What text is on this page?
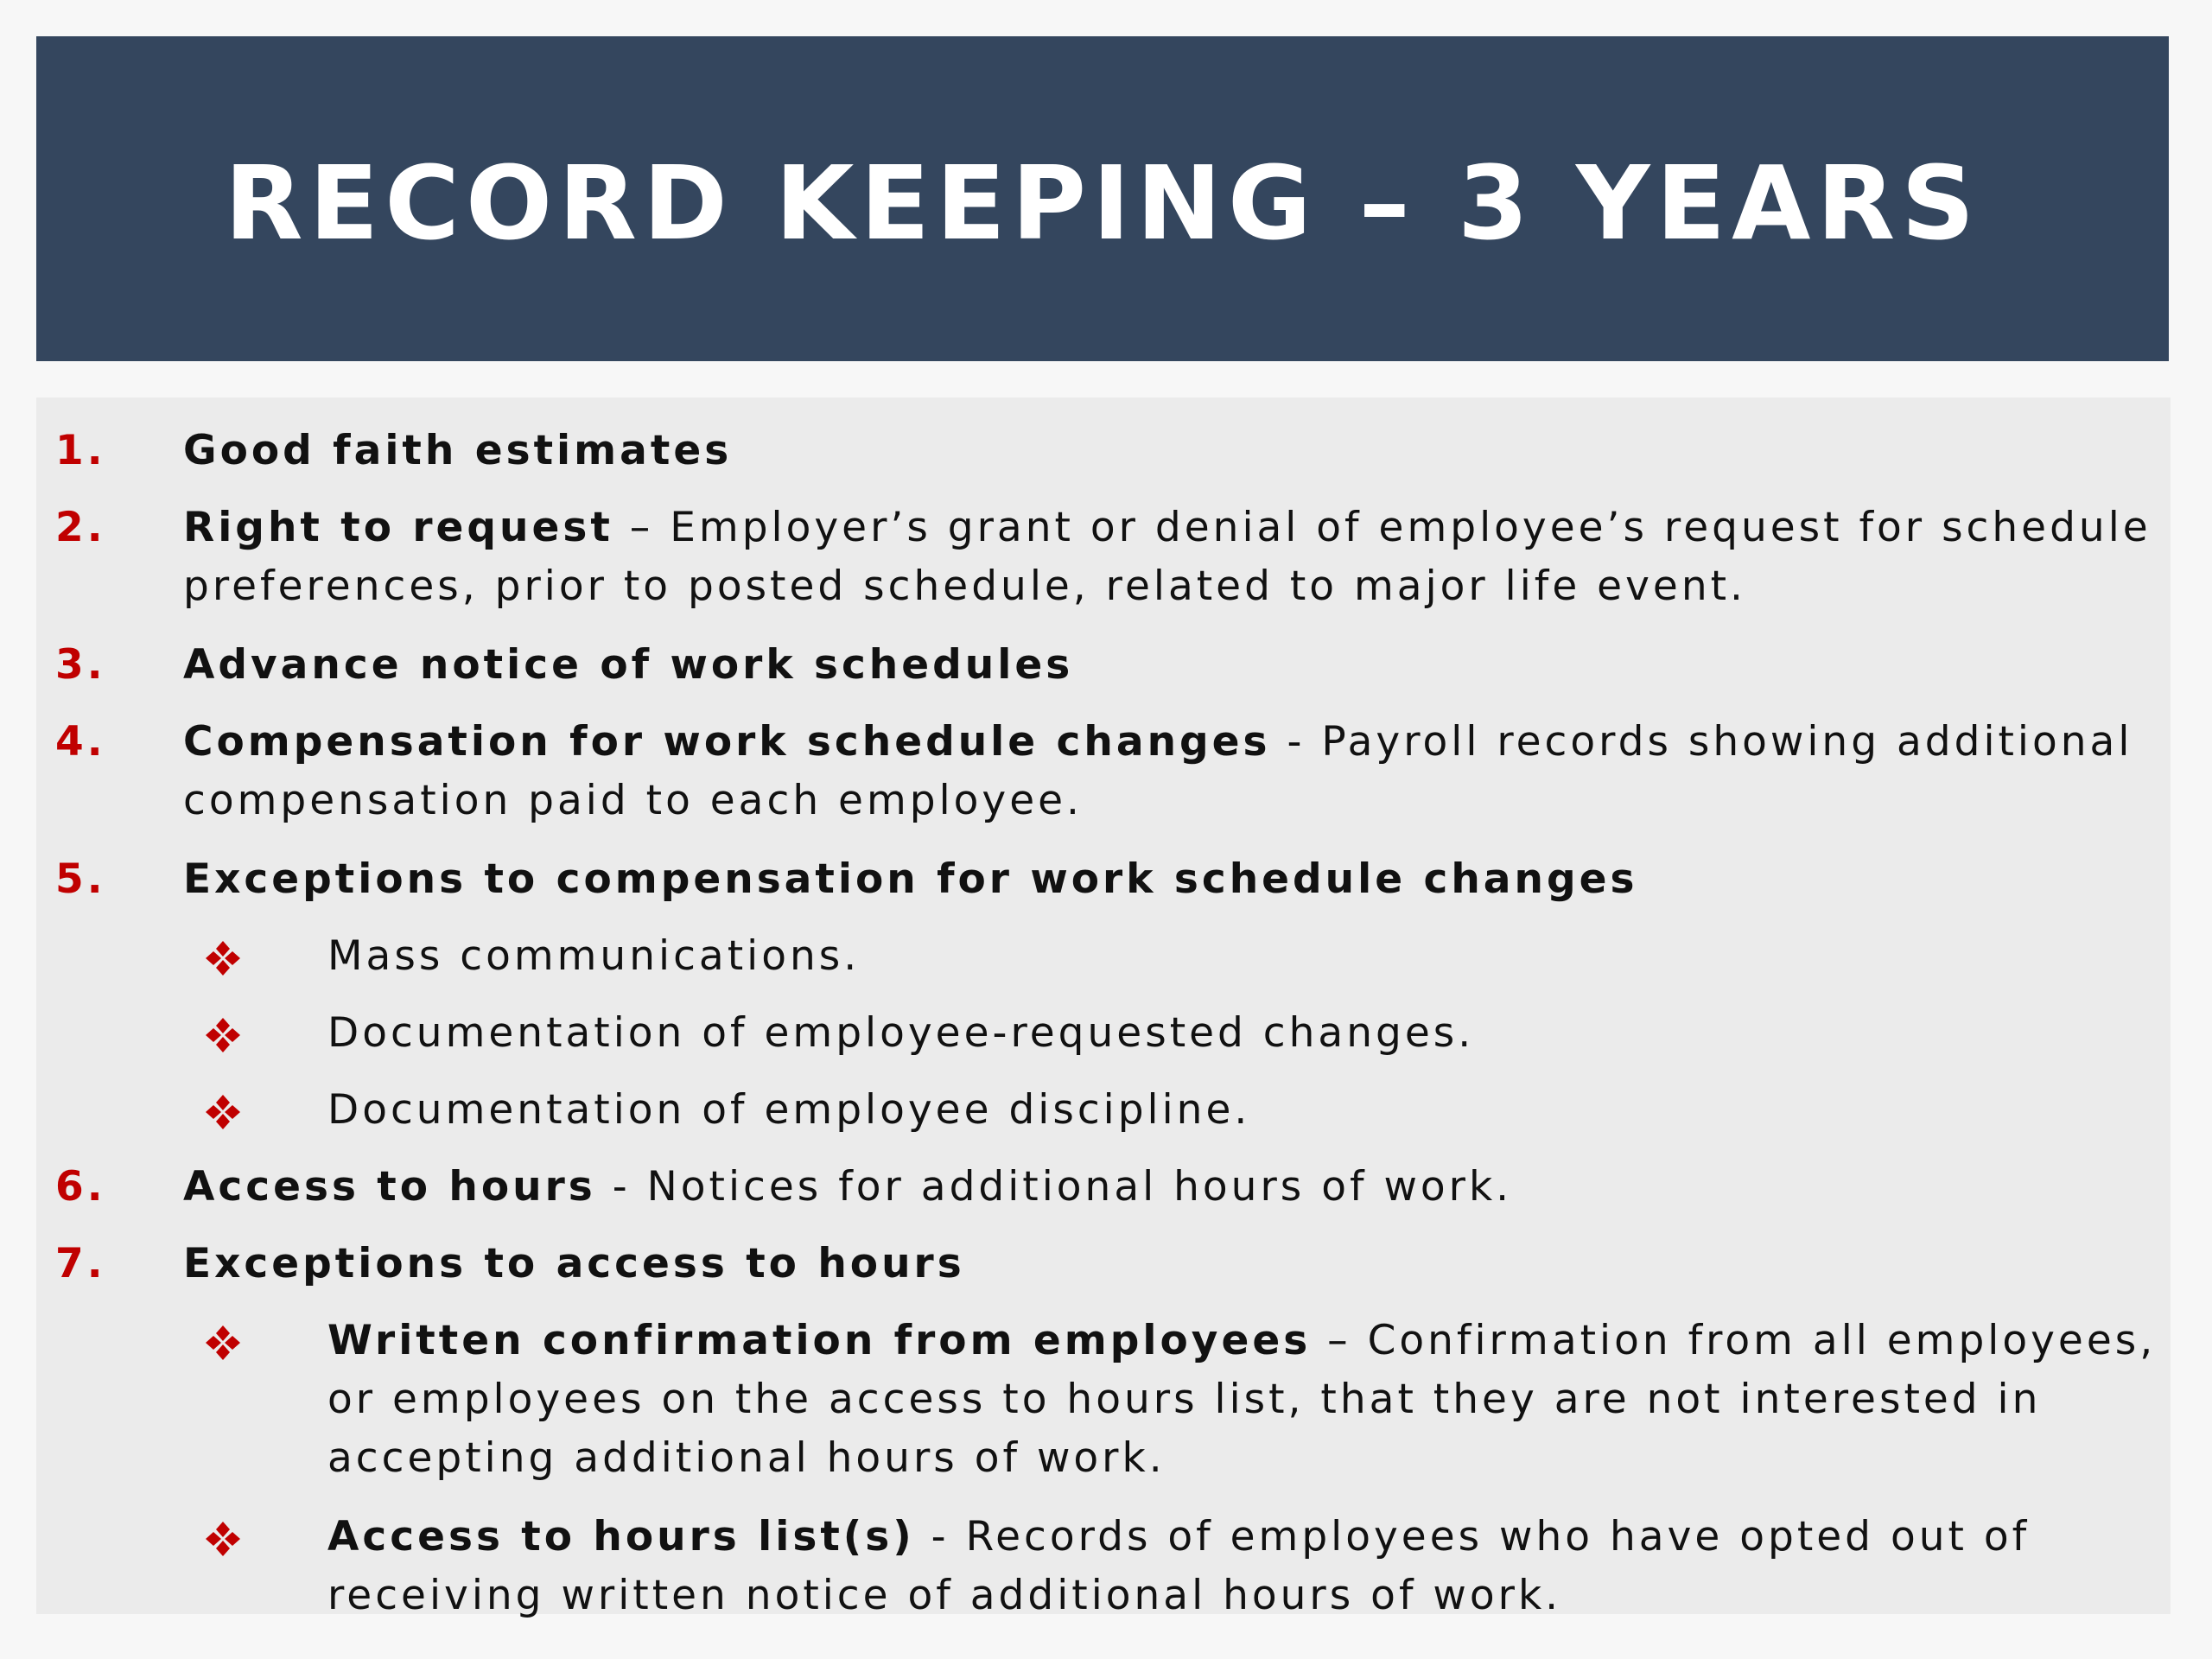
RECORD KEEPING – 3 YEARS
1. Good faith estimates
2. Right to request – Employer’s grant or denial of employee’s request for schedule preferences, prior to posted schedule, related to major life event.
3. Advance notice of work schedules
4. Compensation for work schedule changes - Payroll records showing additional compensation paid to each employee.
5. Exceptions to compensation for work schedule changes
Mass communications.
Documentation of employee-requested changes.
Documentation of employee discipline.
6. Access to hours - Notices for additional hours of work.
7. Exceptions to access to hours
Written confirmation from employees – Confirmation from all employees, or employees on the access to hours list, that they are not interested in accepting additional hours of work.
Access to hours list(s) - Records of employees who have opted out of receiving written notice of additional hours of work.
